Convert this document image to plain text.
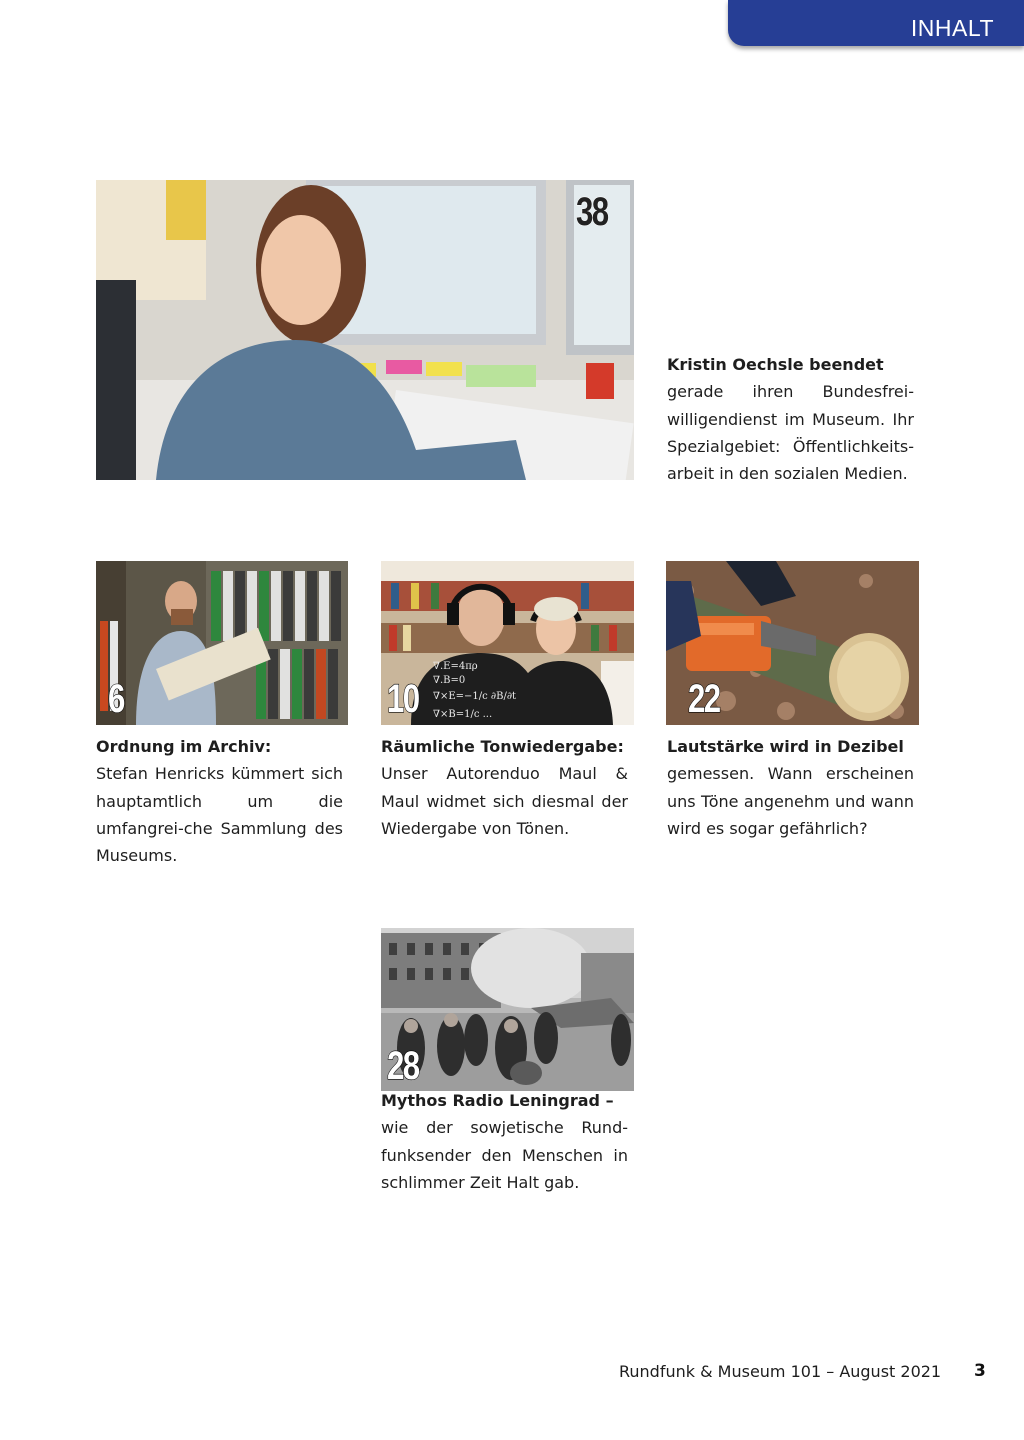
INHALT
38

Kristin Oechsle beendet

gerade ihren Bundesfrei-willigendienst im Museum. Ihr Spezialgebiet: Öffentlichkeits-arbeit in den sozialen Medien.

6

Ordnung im Archiv:

Stefan Henricks kümmert sich hauptamtlich um die umfangrei-che Sammlung des Museums.

∇.E=4πρ
∇.B=0
∇×E=−1/c ∂B/∂t
∇×B=1/c ...
10

Räumliche Tonwiedergabe:

Unser Autorenduo Maul & Maul widmet sich diesmal der Wiedergabe von Tönen.

22

Lautstärke wird in Dezibel

gemessen. Wann erscheinen uns Töne angenehm und wann wird es sogar gefährlich?

28

Mythos Radio Leningrad –

wie der sowjetische Rund-funksender den Menschen in schlimmer Zeit Halt gab.

Rundfunk & Museum 101 – August 2021 3
